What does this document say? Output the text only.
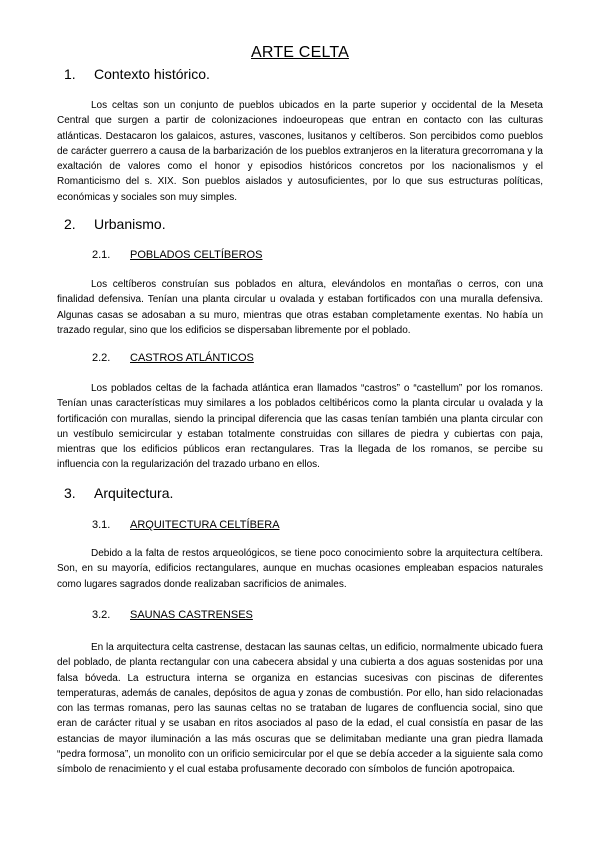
ARTE CELTA
1. Contexto histórico.

Los celtas son un conjunto de pueblos ubicados en la parte superior y occidental de la Meseta Central que surgen a partir de colonizaciones indoeuropeas que entran en contacto con las culturas atlánticas. Destacaron los galaicos, astures, vascones, lusitanos y celtíberos. Son percibidos como pueblos de carácter guerrero a causa de la barbarización de los pueblos extranjeros en la literatura grecorromana y la exaltación de valores como el honor y episodios históricos concretos por los nacionalismos y el Romanticismo del s. XIX. Son pueblos aislados y autosuficientes, por lo que sus estructuras políticas, económicas y sociales son muy simples.

2. Urbanismo.
2.1. POBLADOS CELTÍBEROS

Los celtíberos construían sus poblados en altura, elevándolos en montañas o cerros, con una finalidad defensiva. Tenían una planta circular u ovalada y estaban fortificados con una muralla defensiva. Algunas casas se adosaban a su muro, mientras que otras estaban completamente exentas. No había un trazado regular, sino que los edificios se dispersaban libremente por el poblado.

2.2. CASTROS ATLÁNTICOS

Los poblados celtas de la fachada atlántica eran llamados “castros” o “castellum” por los romanos. Tenían unas características muy similares a los poblados celtibéricos como la planta circular u ovalada y la fortificación con murallas, siendo la principal diferencia que las casas tenían también una planta circular con un vestíbulo semicircular y estaban totalmente construidas con sillares de piedra y cubiertas con paja, mientras que los edificios públicos eran rectangulares. Tras la llegada de los romanos, se percibe su influencia con la regularización del trazado urbano en ellos.

3. Arquitectura.
3.1. ARQUITECTURA CELTÍBERA

Debido a la falta de restos arqueológicos, se tiene poco conocimiento sobre la arquitectura celtíbera. Son, en su mayoría, edificios rectangulares, aunque en muchas ocasiones empleaban espacios naturales como lugares sagrados donde realizaban sacrificios de animales.

3.2. SAUNAS CASTRENSES

En la arquitectura celta castrense, destacan las saunas celtas, un edificio, normalmente ubicado fuera del poblado, de planta rectangular con una cabecera absidal y una cubierta a dos aguas sostenidas por una falsa bóveda. La estructura interna se organiza en estancias sucesivas con piscinas de diferentes temperaturas, además de canales, depósitos de agua y zonas de combustión. Por ello, han sido relacionadas con las termas romanas, pero las saunas celtas no se trataban de lugares de confluencia social, sino que eran de carácter ritual y se usaban en ritos asociados al paso de la edad, el cual consistía en pasar de las estancias de mayor iluminación a las más oscuras que se delimitaban mediante una gran piedra llamada “pedra formosa”, un monolito con un orificio semicircular por el que se debía acceder a la siguiente sala como símbolo de renacimiento y el cual estaba profusamente decorado con símbolos de función apotropaica.
